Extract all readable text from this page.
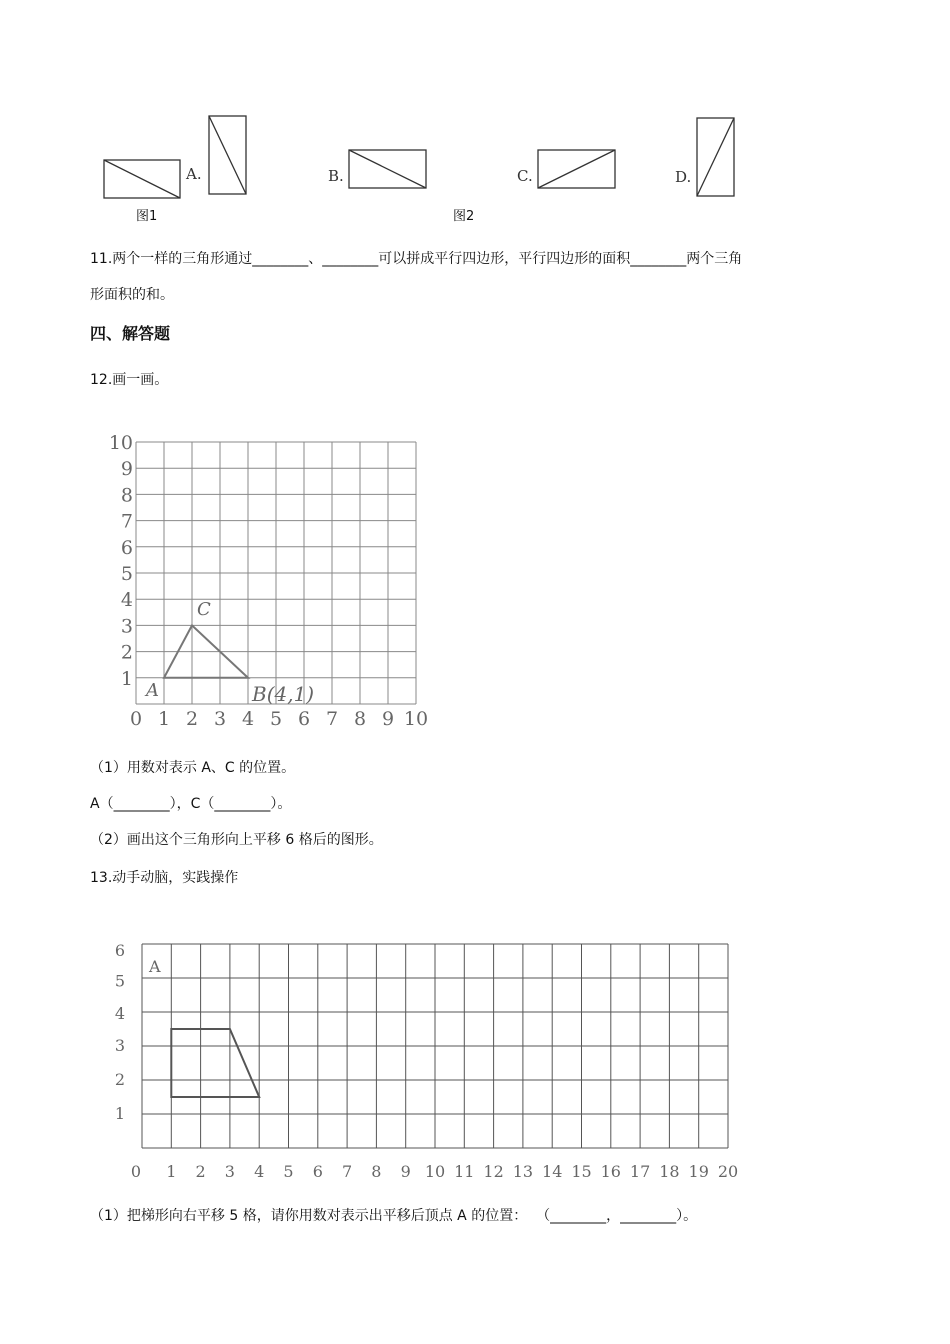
A.	B.	C.	D.
图1	图2
11.两个一样的三角形通过________、________可以拼成平行四边形，平行四边形的面积________两个三角
形面积的和。
四、解答题
12.画一画。
0 1 2 3 4 5 6 7 8 9 10
1
2
3
4
5
6
7
8
9
10
A	B(4,1)
C
（1）用数对表示 A、C 的位置。
A（________），C（________）。
（2）画出这个三角形向上平移 6 格后的图形。
13.动手动脑，实践操作
0 1 2 3 4 5 6 7 8 9 10 11 12 13 14 15 16 17 18 19 20
1
2
3
4
5
6
A
（1）把梯形向右平移 5 格，请你用数对表示出平移后顶点 A 的位置：  （________，________）。
